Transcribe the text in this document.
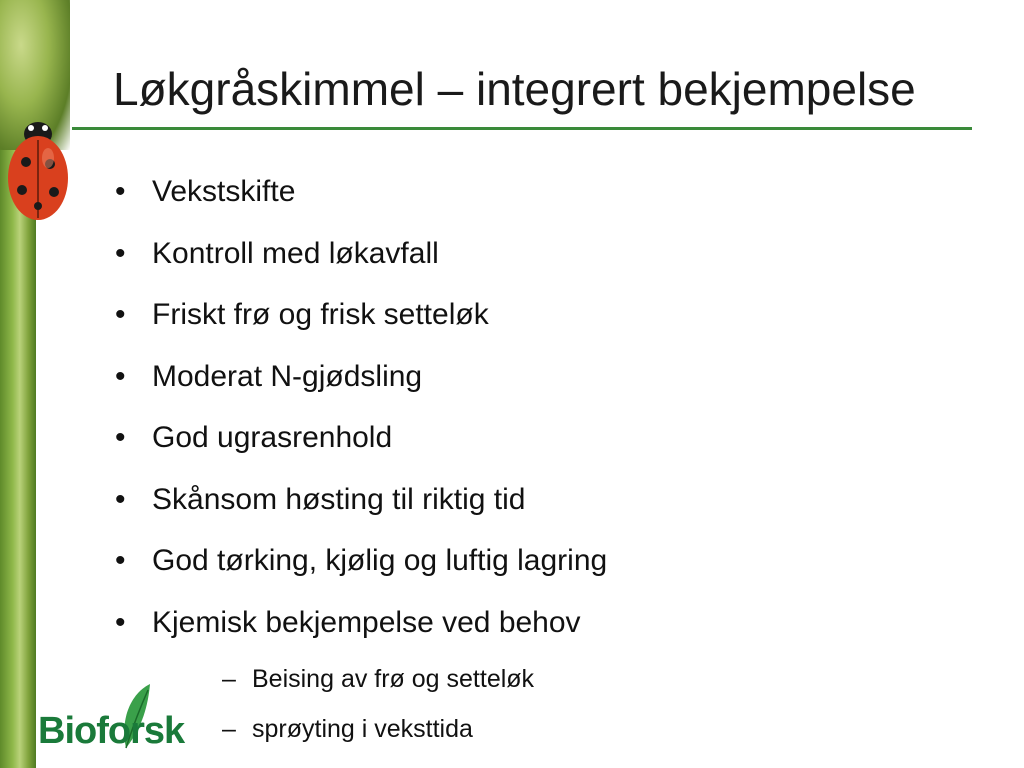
Løkgråskimmel – integrert bekjempelse
• Vekstskifte
• Kontroll med løkavfall
• Friskt frø og frisk setteløk
• Moderat N-gjødsling
• God ugrasrenhold
• Skånsom høsting til riktig tid
• God tørking, kjølig og luftig lagring
• Kjemisk bekjempelse ved behov
– Beising av frø og setteløk
– sprøyting i veksttida
Bioforsk
